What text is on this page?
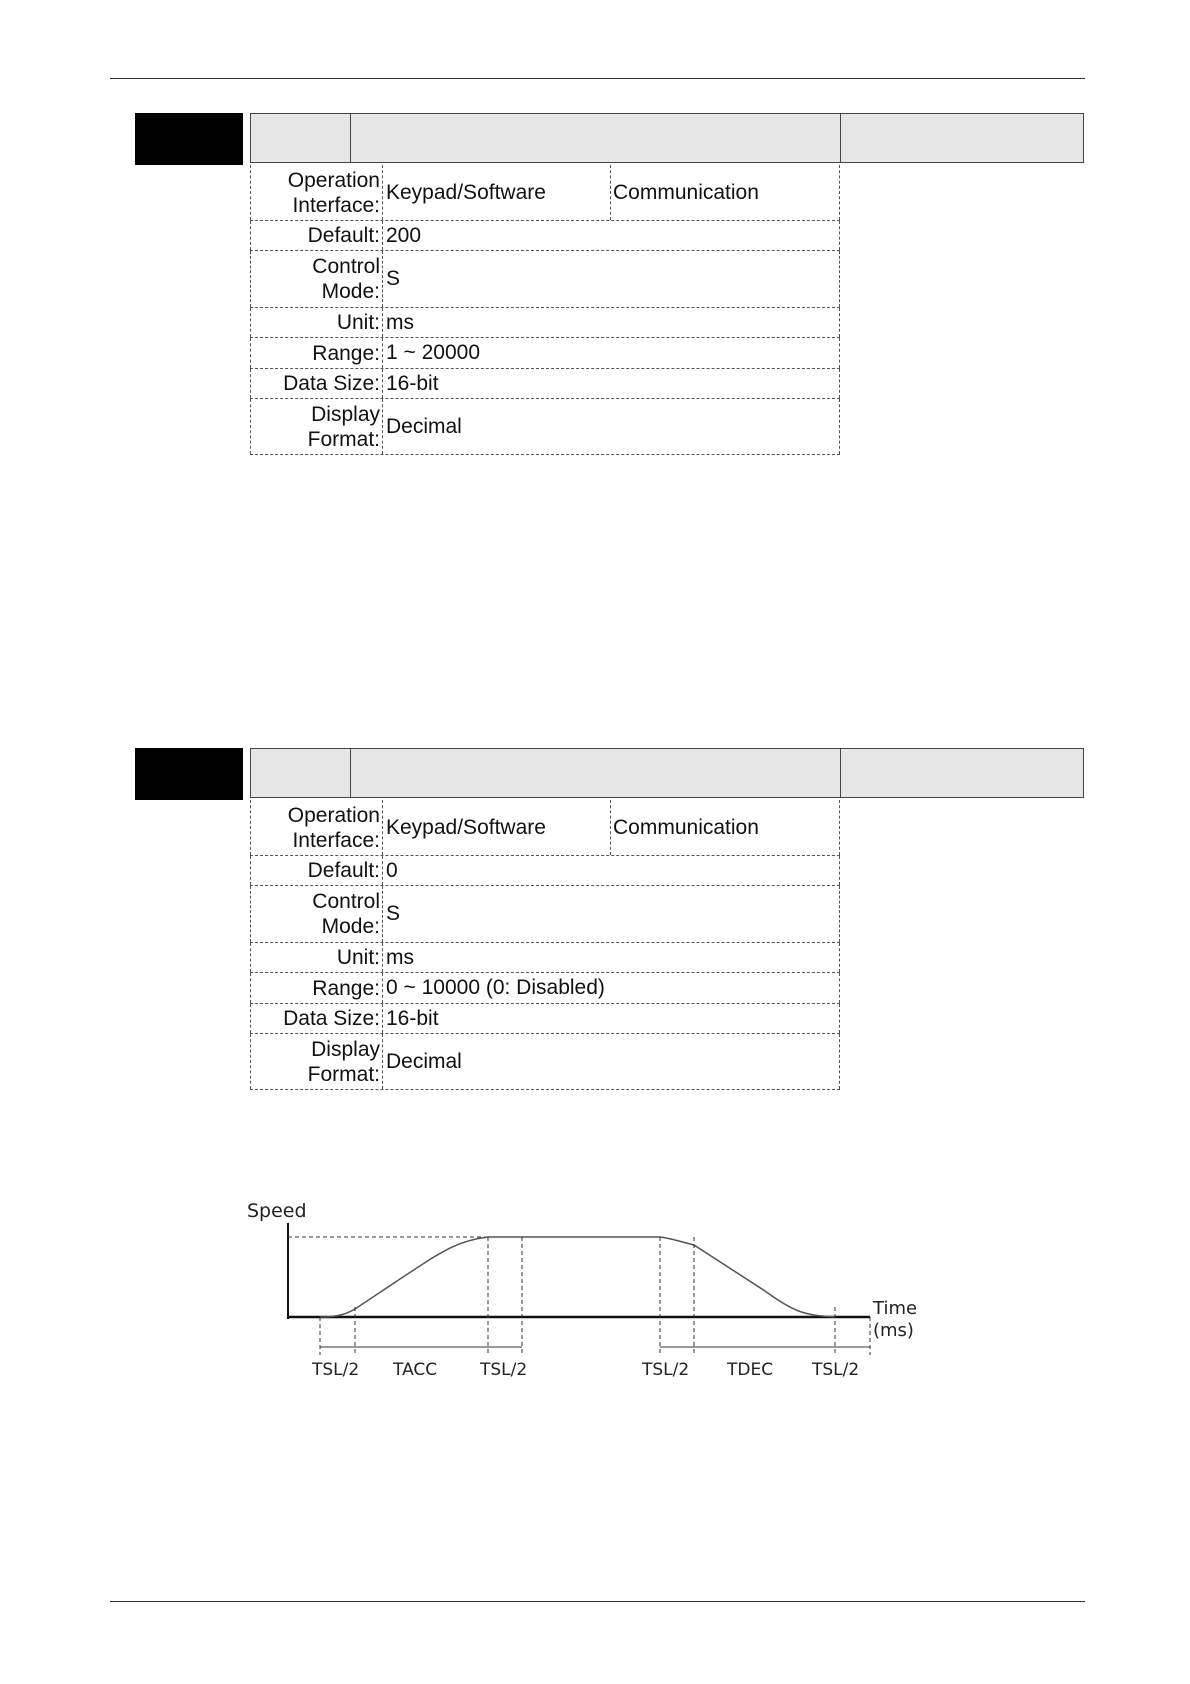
Operation Interface:
Keypad/Software	Communication
Default: 200
Control Mode:
S
Unit: ms
Range: 1 ~ 20000
Data Size: 16-bit
Display Format:
Decimal
Operation Interface:
Keypad/Software	Communication
Default: 0
Control Mode:
S
Unit: ms
Range: 0 ~ 10000 (0: Disabled)
Data Size: 16-bit
Display Format:
Decimal
Speed
Time
(ms)
TSL/2 TACC	TSL/2	TSL/2 TDEC TSL/2
